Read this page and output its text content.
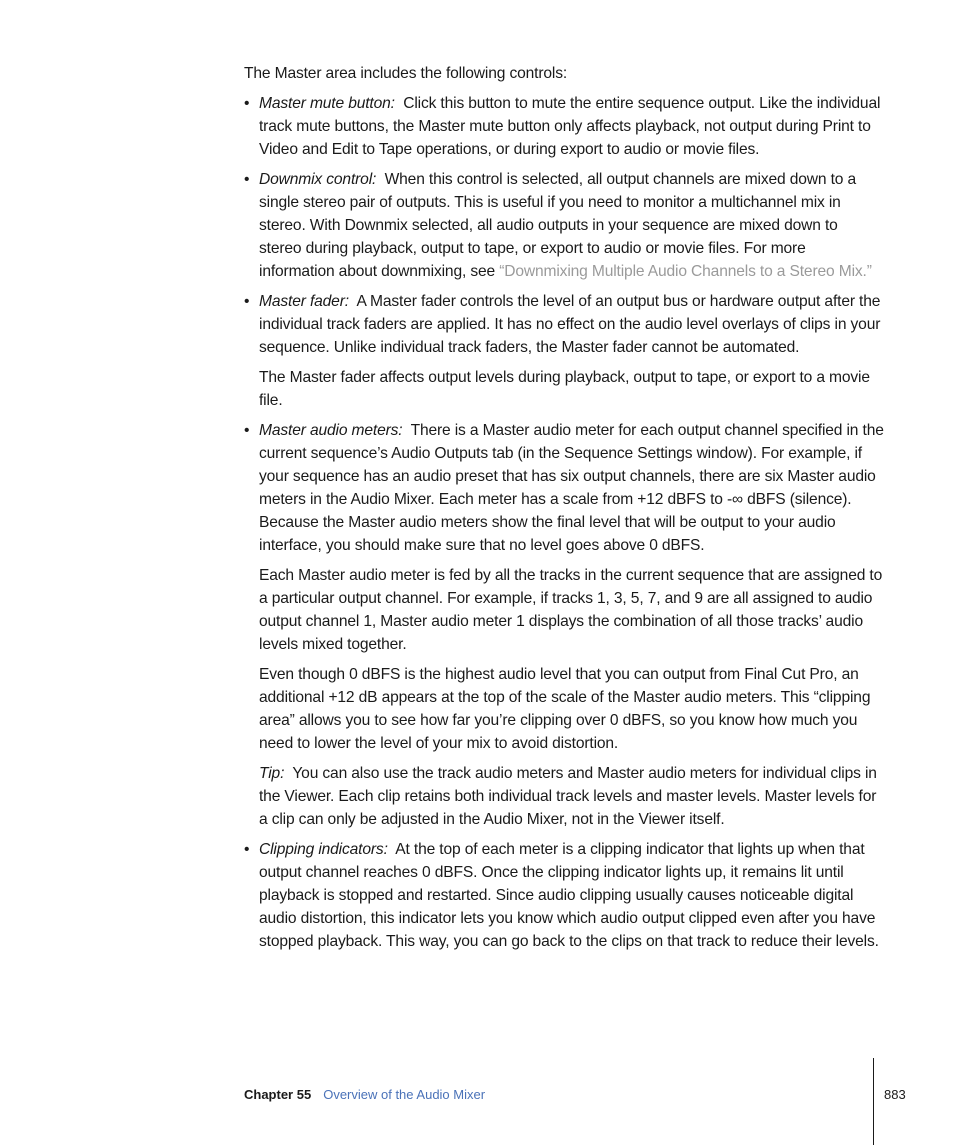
The Master area includes the following controls:

• Master mute button: Click this button to mute the entire sequence output. Like the individual track mute buttons, the Master mute button only affects playback, not output during Print to Video and Edit to Tape operations, or during export to audio or movie files.

• Downmix control: When this control is selected, all output channels are mixed down to a single stereo pair of outputs. This is useful if you need to monitor a multichannel mix in stereo. With Downmix selected, all audio outputs in your sequence are mixed down to stereo during playback, output to tape, or export to audio or movie files. For more information about downmixing, see “Downmixing Multiple Audio Channels to a Stereo Mix.”

• Master fader: A Master fader controls the level of an output bus or hardware output after the individual track faders are applied. It has no effect on the audio level overlays of clips in your sequence. Unlike individual track faders, the Master fader cannot be automated.

The Master fader affects output levels during playback, output to tape, or export to a movie file.

• Master audio meters: There is a Master audio meter for each output channel specified in the current sequence’s Audio Outputs tab (in the Sequence Settings window). For example, if your sequence has an audio preset that has six output channels, there are six Master audio meters in the Audio Mixer. Each meter has a scale from +12 dBFS to -∞ dBFS (silence). Because the Master audio meters show the final level that will be output to your audio interface, you should make sure that no level goes above 0 dBFS.

Each Master audio meter is fed by all the tracks in the current sequence that are assigned to a particular output channel. For example, if tracks 1, 3, 5, 7, and 9 are all assigned to audio output channel 1, Master audio meter 1 displays the combination of all those tracks’ audio levels mixed together.

Even though 0 dBFS is the highest audio level that you can output from Final Cut Pro, an additional +12 dB appears at the top of the scale of the Master audio meters. This “clipping area” allows you to see how far you’re clipping over 0 dBFS, so you know how much you need to lower the level of your mix to avoid distortion.

Tip: You can also use the track audio meters and Master audio meters for individual clips in the Viewer. Each clip retains both individual track levels and master levels. Master levels for a clip can only be adjusted in the Audio Mixer, not in the Viewer itself.

• Clipping indicators: At the top of each meter is a clipping indicator that lights up when that output channel reaches 0 dBFS. Once the clipping indicator lights up, it remains lit until playback is stopped and restarted. Since audio clipping usually causes noticeable digital audio distortion, this indicator lets you know which audio output clipped even after you have stopped playback. This way, you can go back to the clips on that track to reduce their levels.

Chapter 55 Overview of the Audio Mixer	883
